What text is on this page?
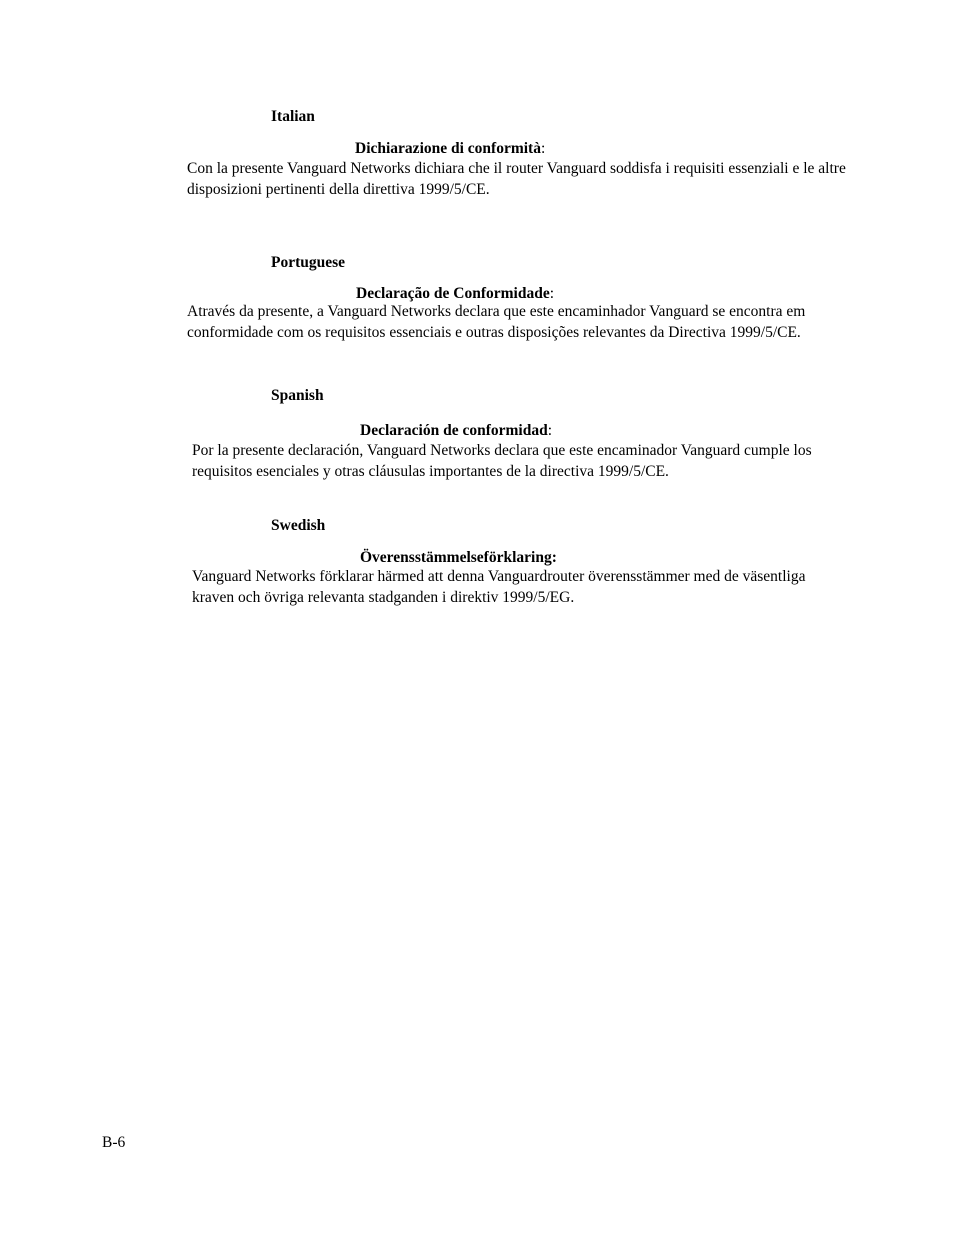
Italian

Dichiarazione di conformità:

Con la presente Vanguard Networks dichiara che il router Vanguard soddisfa i requisiti essenziali e le altre disposizioni pertinenti della direttiva 1999/5/CE.

Portuguese

Declaração de Conformidade:

Através da presente, a Vanguard Networks declara que este encaminhador Vanguard se encontra em conformidade com os requisitos essenciais e outras disposições relevantes da Directiva 1999/5/CE.

Spanish

Declaración de conformidad:

Por la presente declaración, Vanguard Networks declara que este encaminador Vanguard cumple los requisitos esenciales y otras cláusulas importantes de la directiva 1999/5/CE.

Swedish

Överensstämmelseförklaring:

Vanguard Networks förklarar härmed att denna Vanguardrouter överensstämmer med de väsentliga kraven och övriga relevanta stadganden i direktiv 1999/5/EG.

B-6
